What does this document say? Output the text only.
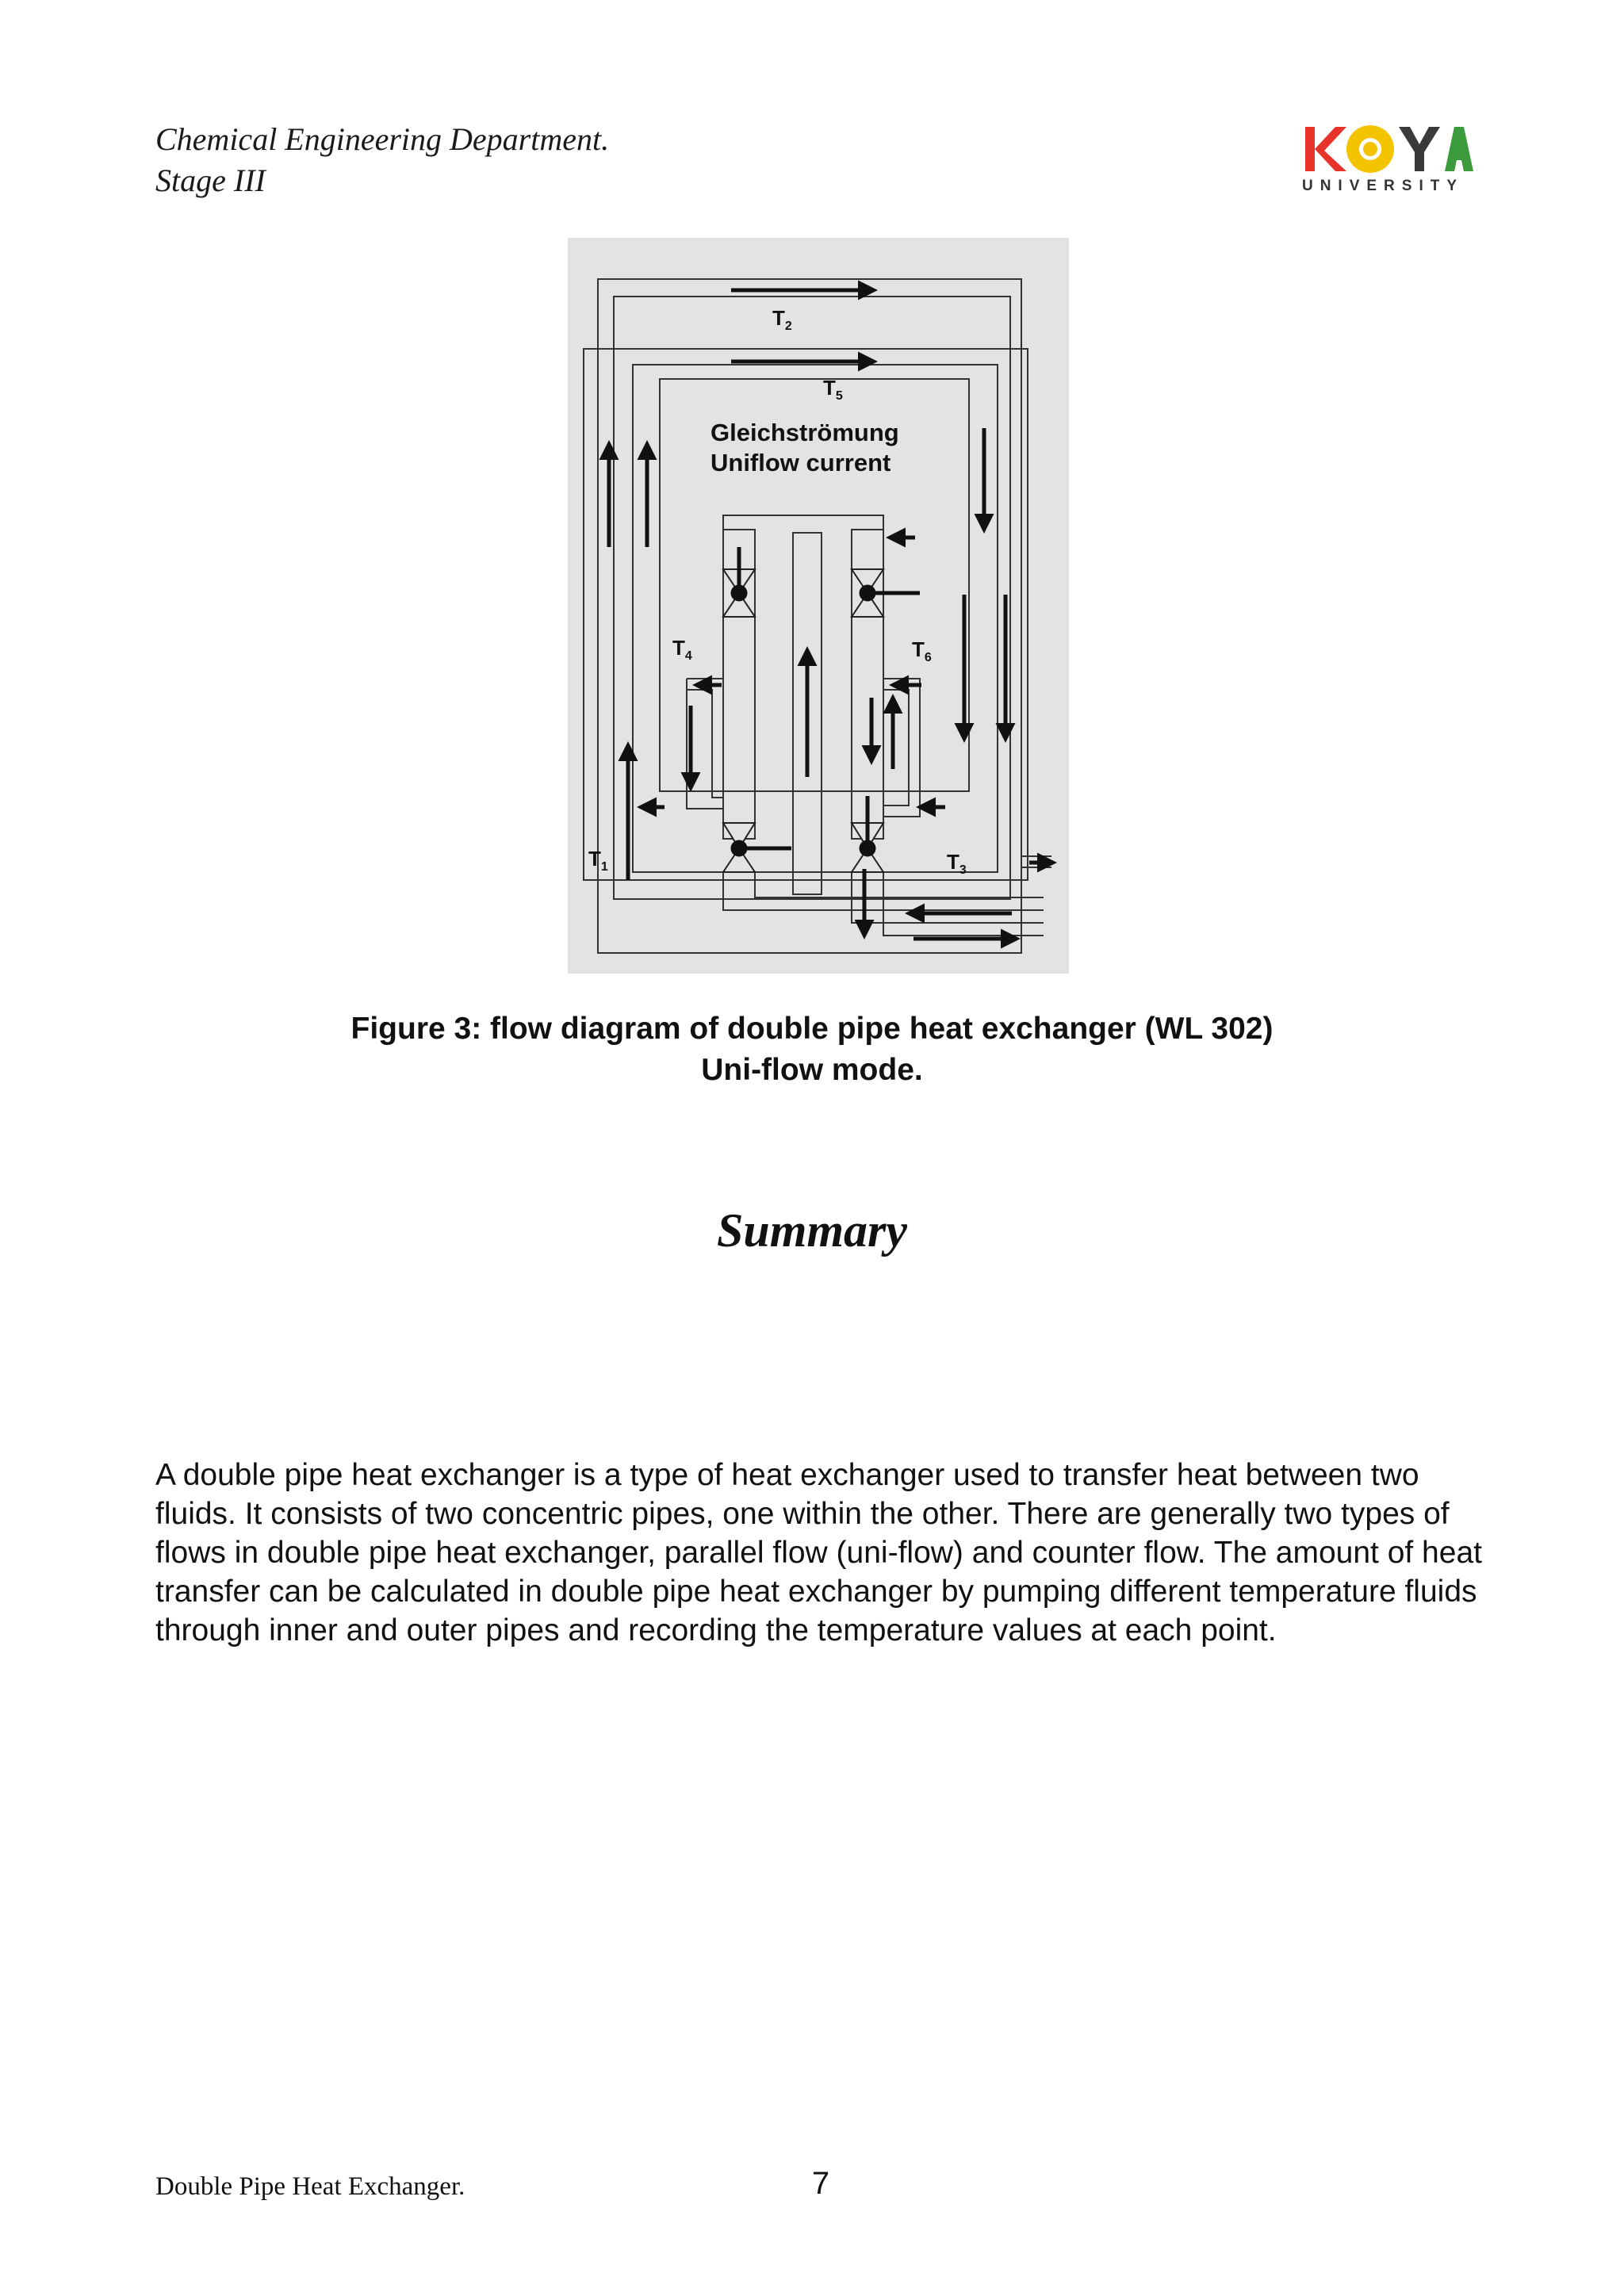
Chemical Engineering Department.

Stage III	UNIVERSITY
Gleichströmung
Uniflow current
$T_2$
$T_5$
$T_4$	$T_6$
$T_1$	$T_3$

Figure 3: flow diagram of double pipe heat exchanger (WL 302)

Uni-flow mode.

Summary

A double pipe heat exchanger is a type of heat exchanger used to transfer heat between two fluids. It consists of two concentric pipes, one within the other. There are generally two types of flows in double pipe heat exchanger, parallel flow (uni-flow) and counter flow. The amount of heat transfer can be calculated in double pipe heat exchanger by pumping different temperature fluids through inner and outer pipes and recording the temperature values at each point.

Double Pipe Heat Exchanger.	7
